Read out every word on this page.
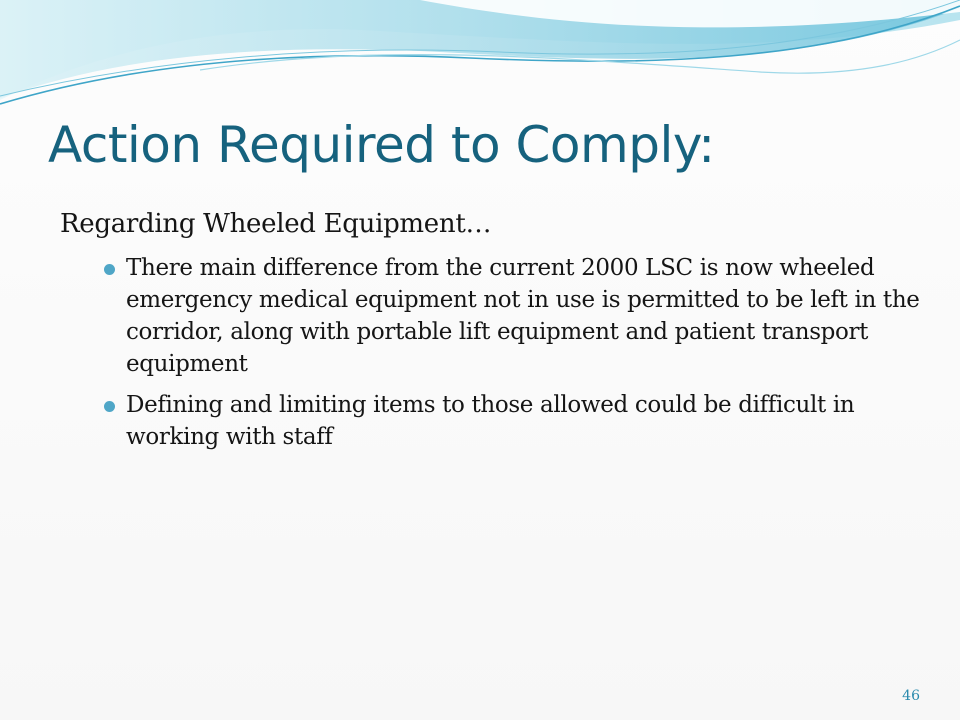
Action Required to Comply:

Regarding Wheeled Equipment…

There main difference from the current 2000 LSC is now wheeled emergency medical equipment not in use is permitted to be left in the corridor, along with portable lift equipment and patient transport equipment
Defining and limiting items to those allowed could be difficult in working with staff
46
